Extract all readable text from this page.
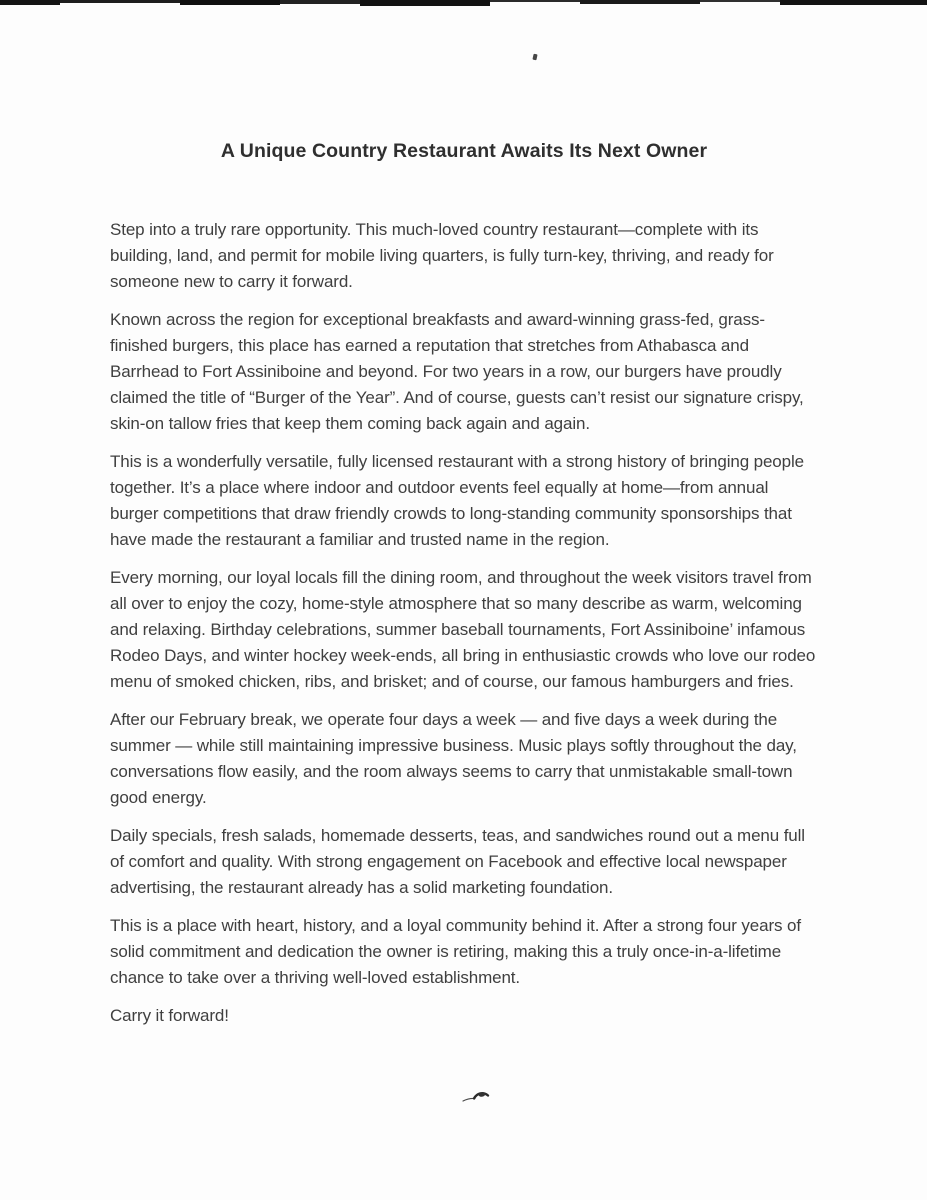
A Unique Country Restaurant Awaits Its Next Owner

Step into a truly rare opportunity. This much-loved country restaurant—complete with its building, land, and permit for mobile living quarters, is fully turn-key, thriving, and ready for someone new to carry it forward.

Known across the region for exceptional breakfasts and award-winning grass-fed, grass-finished burgers, this place has earned a reputation that stretches from Athabasca and Barrhead to Fort Assiniboine and beyond. For two years in a row, our burgers have proudly claimed the title of “Burger of the Year”. And of course, guests can’t resist our signature crispy, skin-on tallow fries that keep them coming back again and again.

This is a wonderfully versatile, fully licensed restaurant with a strong history of bringing people together. It’s a place where indoor and outdoor events feel equally at home—from annual burger competitions that draw friendly crowds to long-standing community sponsorships that have made the restaurant a familiar and trusted name in the region.

Every morning, our loyal locals fill the dining room, and throughout the week visitors travel from all over to enjoy the cozy, home-style atmosphere that so many describe as warm, welcoming and relaxing. Birthday celebrations, summer baseball tournaments, Fort Assiniboine’ infamous Rodeo Days, and winter hockey week-ends, all bring in enthusiastic crowds who love our rodeo menu of smoked chicken, ribs, and brisket; and of course, our famous hamburgers and fries.

After our February break, we operate four days a week — and five days a week during the summer — while still maintaining impressive business. Music plays softly throughout the day, conversations flow easily, and the room always seems to carry that unmistakable small-town good energy.

Daily specials, fresh salads, homemade desserts, teas, and sandwiches round out a menu full of comfort and quality. With strong engagement on Facebook and effective local newspaper advertising, the restaurant already has a solid marketing foundation.

This is a place with heart, history, and a loyal community behind it. After a strong four years of solid commitment and dedication the owner is retiring, making this a truly once-in-a-lifetime chance to take over a thriving well-loved establishment.

Carry it forward!
